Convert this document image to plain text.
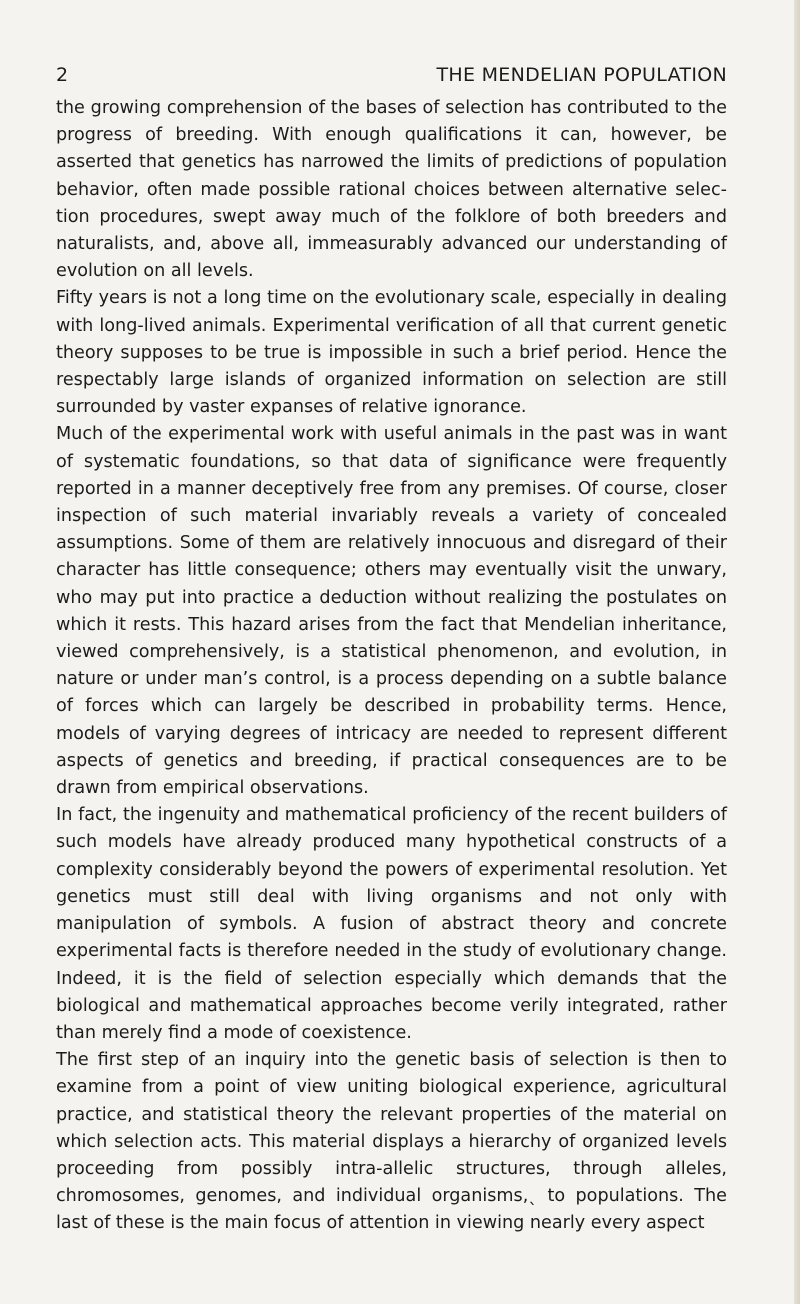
2	THE MENDELIAN POPULATION

the growing comprehension of the bases of selection has contributed to the progress of breeding. With enough qualifications it can, however, be asserted that genetics has narrowed the limits of predictions of population behavior, often made possible rational choices between alternative selection procedures, swept away much of the folklore of both breeders and naturalists, and, above all, immeasurably advanced our understanding of evolution on all levels.

Fifty years is not a long time on the evolutionary scale, especially in dealing with long-lived animals. Experimental verification of all that current genetic theory supposes to be true is impossible in such a brief period. Hence the respectably large islands of organized information on selection are still surrounded by vaster expanses of relative ignorance.

Much of the experimental work with useful animals in the past was in want of systematic foundations, so that data of significance were frequently reported in a manner deceptively free from any premises. Of course, closer inspection of such material invariably reveals a variety of concealed assumptions. Some of them are relatively innocuous and disregard of their character has little consequence; others may eventually visit the unwary, who may put into practice a deduction without realizing the postulates on which it rests. This hazard arises from the fact that Mendelian inheritance, viewed comprehensively, is a statistical phenomenon, and evolution, in nature or under man’s control, is a process depending on a subtle balance of forces which can largely be described in probability terms. Hence, models of varying degrees of intricacy are needed to represent different aspects of genetics and breeding, if practical consequences are to be drawn from empirical observations.

In fact, the ingenuity and mathematical proficiency of the recent builders of such models have already produced many hypothetical constructs of a complexity considerably beyond the powers of experimental resolution. Yet genetics must still deal with living organisms and not only with manipulation of symbols. A fusion of abstract theory and concrete experimental facts is therefore needed in the study of evolutionary change. Indeed, it is the field of selection especially which demands that the biological and mathematical approaches become verily integrated, rather than merely find a mode of coexistence.

The first step of an inquiry into the genetic basis of selection is then to examine from a point of view uniting biological experience, agricultural practice, and statistical theory the relevant properties of the material on which selection acts. This material displays a hierarchy of organized levels proceeding from possibly intra-allelic structures, through alleles, chromosomes, genomes, and individual organisms,ˎ to populations. The last of these is the main focus of attention in viewing nearly every aspect
